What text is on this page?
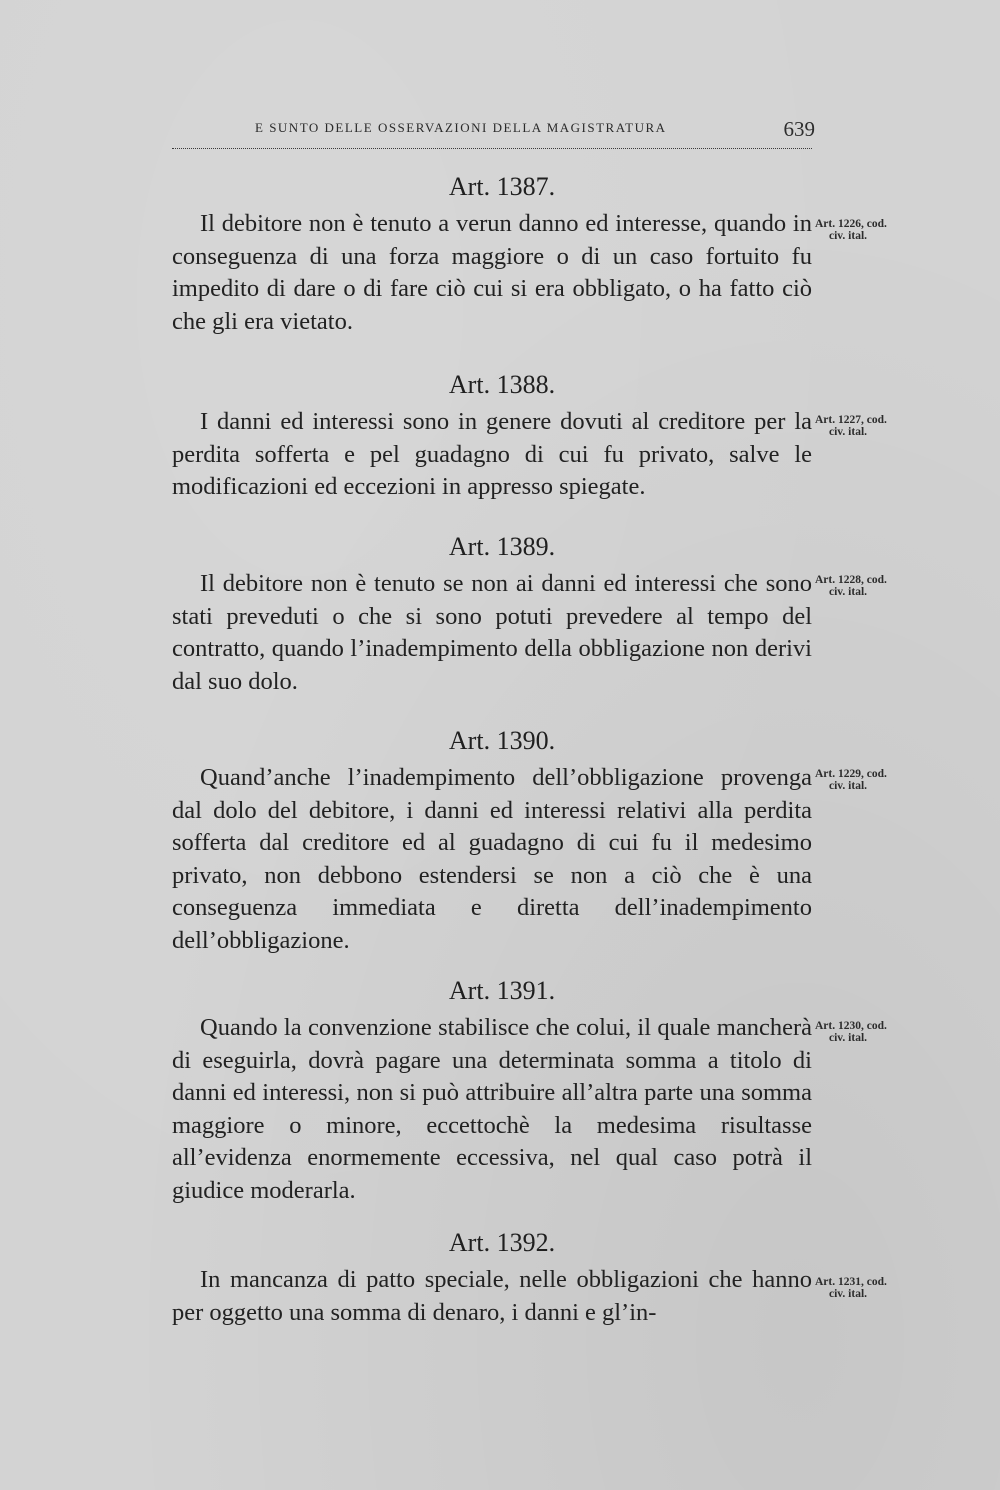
E SUNTO DELLE OSSERVAZIONI DELLA MAGISTRATURA	639
Art. 1387.

Il debitore non è tenuto a verun danno ed interesse, quando in conseguenza di una forza maggiore o di un caso fortuito fu impedito di dare o di fare ciò cui si era obbligato, o ha fatto ciò che gli era vietato.

Art. 1226, cod.
civ. ital.
Art. 1388.

I danni ed interessi sono in genere dovuti al creditore per la perdita sofferta e pel guadagno di cui fu privato, salve le modificazioni ed eccezioni in appresso spiegate.

Art. 1227, cod.
civ. ital.
Art. 1389.

Il debitore non è tenuto se non ai danni ed interessi che sono stati preveduti o che si sono potuti prevedere al tempo del contratto, quando l’inadempimento della obbligazione non derivi dal suo dolo.

Art. 1228, cod.
civ. ital.
Art. 1390.

Quand’anche l’inadempimento dell’obbligazione provenga dal dolo del debitore, i danni ed interessi relativi alla perdita sofferta dal creditore ed al guadagno di cui fu il medesimo privato, non debbono estendersi se non a ciò che è una conseguenza immediata e diretta dell’inadempimento dell’obbligazione.

Art. 1229, cod.
civ. ital.
Art. 1391.

Quando la convenzione stabilisce che colui, il quale mancherà di eseguirla, dovrà pagare una determinata somma a titolo di danni ed interessi, non si può attribuire all’altra parte una somma maggiore o minore, eccettochè la medesima risultasse all’evidenza enormemente eccessiva, nel qual caso potrà il giudice moderarla.

Art. 1230, cod.
civ. ital.
Art. 1392.

In mancanza di patto speciale, nelle obbligazioni che hanno per oggetto una somma di denaro, i danni e gl’in-

Art. 1231, cod.
civ. ital.
